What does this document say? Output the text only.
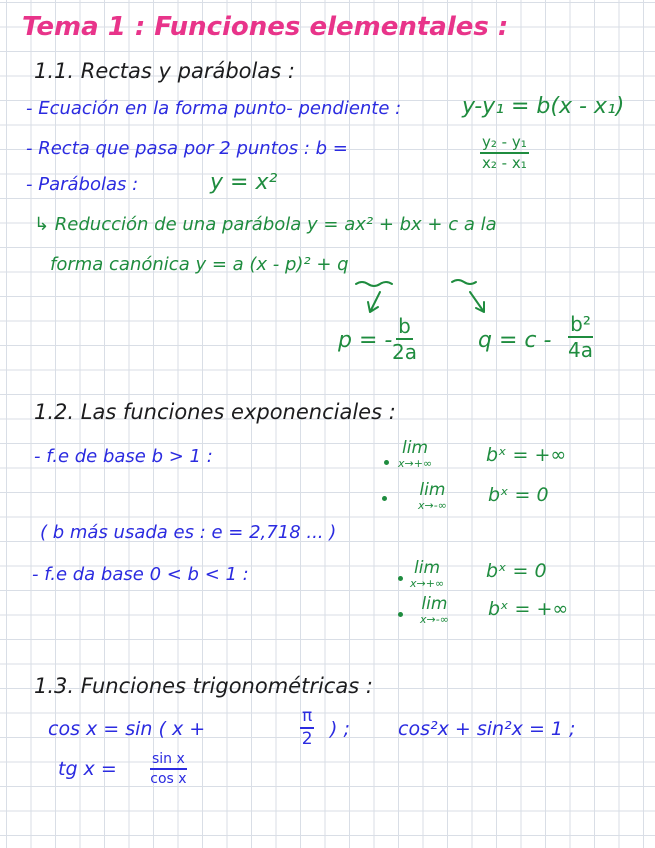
Tema 1 : Funciones elementales :
1.1. Rectas y parábolas :
- Ecuación en la forma punto- pendiente :	y-y₁ = b(x - x₁)
- Recta que pasa por 2 puntos : b =	$\frac{\text{y₂ - y₁}}{\text{x₂ - x₁}}$
- Parábolas :	y = x²
↳ Reducción de una parábola y = ax² + bx + c a la
forma canónica y = a (x - p)² + q
p = - $\frac{b}{2a}$	$q = c - \frac{\text{b²}}{4a}$
1.2. Las funciones exponenciales :
- f.e de base b > 1 :	lim
x→+∞	bˣ = +∞
lim
x→-∞ bˣ = 0
( b más usada es : e = 2,718 ... )
- f.e da base 0 < b < 1 :	lim
x→+∞
bˣ = 0
lim
x→-∞ bˣ = +∞
1.3. Funciones trigonométricas :
cos x = sin ( x +	$\frac{\pi}{2}$ ) ;	cos²x + sin²x = 1 ;
tg $x = \frac{\text{sin x}}{\text{cos x}}$
